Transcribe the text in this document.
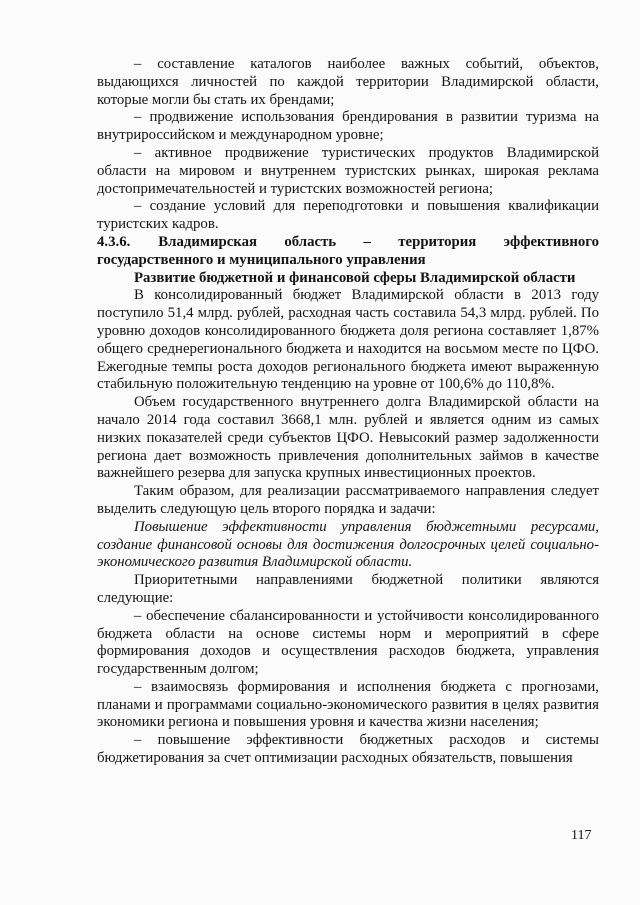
– составление каталогов наиболее важных событий, объектов, выдающихся личностей по каждой территории Владимирской области, которые могли бы стать их брендами;

– продвижение использования брендирования в развитии туризма на внутрироссийском и международном уровне;

– активное продвижение туристических продуктов Владимирской области на мировом и внутреннем туристских рынках, широкая реклама достопримечательностей и туристских возможностей региона;

– создание условий для переподготовки и повышения квалификации туристских кадров.

4.3.6. Владимирская область – территория эффективного государственного и муниципального управления

Развитие бюджетной и финансовой сферы Владимирской области

В консолидированный бюджет Владимирской области в 2013 году поступило 51,4 млрд. рублей, расходная часть составила 54,3 млрд. рублей. По уровню доходов консолидированного бюджета доля региона составляет 1,87% общего среднерегионального бюджета и находится на восьмом месте по ЦФО. Ежегодные темпы роста доходов регионального бюджета имеют выраженную стабильную положительную тенденцию на уровне от 100,6% до 110,8%.

Объем государственного внутреннего долга Владимирской области на начало 2014 года составил 3668,1 млн. рублей и является одним из самых низких показателей среди субъектов ЦФО. Невысокий размер задолженности региона дает возможность привлечения дополнительных займов в качестве важнейшего резерва для запуска крупных инвестиционных проектов.

Таким образом, для реализации рассматриваемого направления следует выделить следующую цель второго порядка и задачи:

Повышение эффективности управления бюджетными ресурсами, создание финансовой основы для достижения долгосрочных целей социально-экономического развития Владимирской области.

Приоритетными направлениями бюджетной политики являются следующие:

– обеспечение сбалансированности и устойчивости консолидированного бюджета области на основе системы норм и мероприятий в сфере формирования доходов и осуществления расходов бюджета, управления государственным долгом;

– взаимосвязь формирования и исполнения бюджета с прогнозами, планами и программами социально-экономического развития в целях развития экономики региона и повышения уровня и качества жизни населения;

– повышение эффективности бюджетных расходов и системы бюджетирования за счет оптимизации расходных обязательств, повышения

117
